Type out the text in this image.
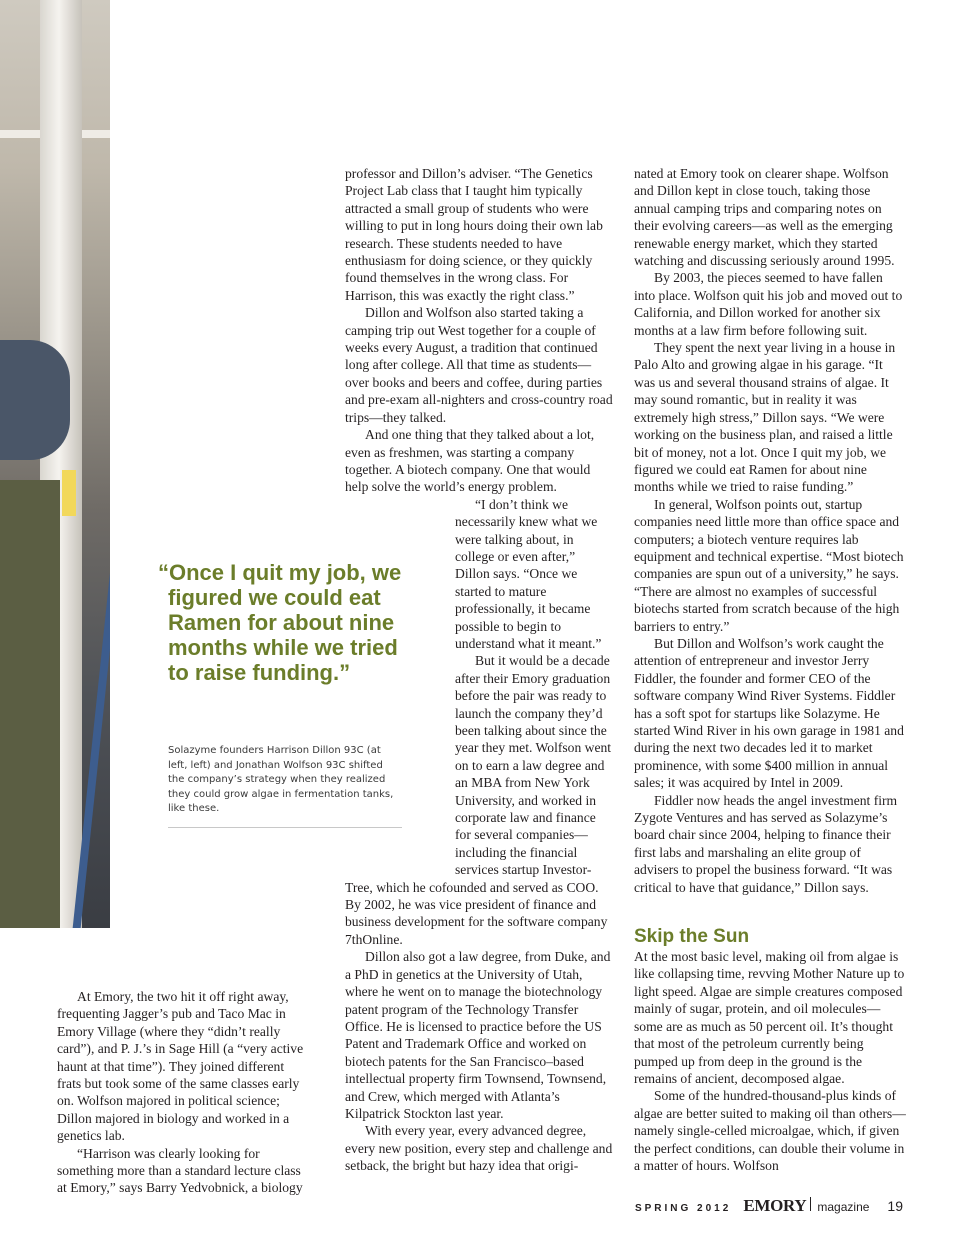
“Once I quit my job, we figured we could eat Ramen for about nine months while we tried to raise funding.”
Solazyme founders Harrison Dillon 93C (at left, left) and Jonathan Wolfson 93C shifted the company’s strategy when they realized they could grow algae in fermentation tanks, like these.

At Emory, the two hit it off right away, frequenting Jagger’s pub and Taco Mac in Emory Village (where they “didn’t really card”), and P. J.’s in Sage Hill (a “very active haunt at that time”). They joined different frats but took some of the same classes early on. Wolfson majored in political science; Dillon majored in biology and worked in a genetics lab.

“Harrison was clearly looking for something more than a standard lecture class at Emory,” says Barry Yedvobnick, a biology

professor and Dillon’s adviser. “The Genetics Project Lab class that I taught him typically attracted a small group of students who were willing to put in long hours doing their own lab research. These students needed to have enthusiasm for doing science, or they quickly found themselves in the wrong class. For Harrison, this was exactly the right class.”

Dillon and Wolfson also started taking a camping trip out West together for a couple of weeks every August, a tradition that continued long after college. All that time as students—over books and beers and coffee, during parties and pre-exam all-nighters and cross-country road trips—they talked.

And one thing that they talked about a lot, even as freshmen, was starting a company together. A biotech company. One that would help solve the world’s energy problem.

“I don’t think we necessarily knew what we were talking about, in college or even after,” Dillon says. “Once we started to mature professionally, it became possible to begin to understand what it meant.”

But it would be a decade after their Emory graduation before the pair was ready to launch the company they’d been talking about since the year they met. Wolfson went on to earn a law degree and an MBA from New York University, and worked in corporate law and finance for several companies—including the financial services startup Investor-

Tree, which he cofounded and served as COO. By 2002, he was vice president of finance and business development for the software company 7thOnline.

Dillon also got a law degree, from Duke, and a PhD in genetics at the University of Utah, where he went on to manage the biotechnology patent program of the Technology Transfer Office. He is licensed to practice before the US Patent and Trademark Office and worked on biotech patents for the San Francisco–based intellectual property firm Townsend, Townsend, and Crew, which merged with Atlanta’s Kilpatrick Stockton last year.

With every year, every advanced degree, every new position, every step and challenge and setback, the bright but hazy idea that origi-

nated at Emory took on clearer shape. Wolfson and Dillon kept in close touch, taking those annual camping trips and comparing notes on their evolving careers—as well as the emerging renewable energy market, which they started watching and discussing seriously around 1995.

By 2003, the pieces seemed to have fallen into place. Wolfson quit his job and moved out to California, and Dillon worked for another six months at a law firm before following suit.

They spent the next year living in a house in Palo Alto and growing algae in his garage. “It was us and several thousand strains of algae. It may sound romantic, but in reality it was extremely high stress,” Dillon says. “We were working on the business plan, and raised a little bit of money, not a lot. Once I quit my job, we figured we could eat Ramen for about nine months while we tried to raise funding.”

In general, Wolfson points out, startup companies need little more than office space and computers; a biotech venture requires lab equipment and technical expertise. “Most biotech companies are spun out of a university,” he says. “There are almost no examples of successful biotechs started from scratch because of the high barriers to entry.”

But Dillon and Wolfson’s work caught the attention of entrepreneur and investor Jerry Fiddler, the founder and former CEO of the software company Wind River Systems. Fiddler has a soft spot for startups like Solazyme. He started Wind River in his own garage in 1981 and during the next two decades led it to market prominence, with some $400 million in annual sales; it was acquired by Intel in 2009.

Fiddler now heads the angel investment firm Zygote Ventures and has served as Solazyme’s board chair since 2004, helping to finance their first labs and marshaling an elite group of advisers to propel the business forward. “It was critical to have that guidance,” Dillon says.

Skip the Sun

At the most basic level, making oil from algae is like collapsing time, revving Mother Nature up to light speed. Algae are simple creatures composed mainly of sugar, protein, and oil molecules—some are as much as 50 percent oil. It’s thought that most of the petroleum currently being pumped up from deep in the ground is the remains of ancient, decomposed algae.

Some of the hundred-thousand-plus kinds of algae are better suited to making oil than others—namely single-celled microalgae, which, if given the perfect conditions, can double their volume in a matter of hours. Wolfson

SPRING 2012 EMORY magazine 19
